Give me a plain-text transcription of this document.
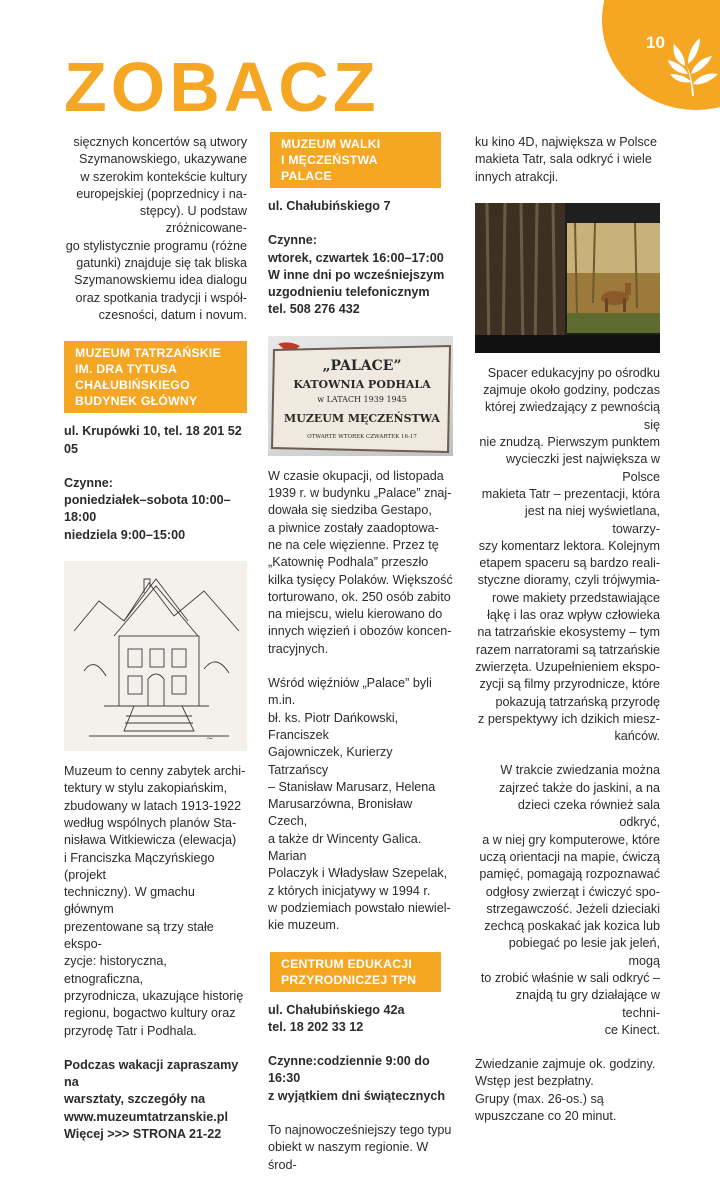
10
ZOBACZ

sięcznych koncertów są utwory
Szymanowskiego, ukazywane
w szerokim kontekście kultury
europejskiej (poprzednicy i na-
stępcy). U podstaw zróżnicowane-
go stylistycznie programu (różne
gatunki) znajduje się tak bliska
Szymanowskiemu idea dialogu
oraz spotkania tradycji i współ-
czesności, datum i novum.

MUZEUM TATRZAŃSKIE
IM. DRA TYTUSA
CHAŁUBIŃSKIEGO
BUDYNEK GŁÓWNY

ul. Krupówki 10, tel. 18 201 52 05

Czynne:
poniedziałek–sobota 10:00–18:00
niedziela 9:00–15:00

~

Muzeum to cenny zabytek archi-
tektury w stylu zakopiańskim,
zbudowany w latach 1913-1922
według wspólnych planów Sta-
nisława Witkiewicza (elewacja)
i Franciszka Mączyńskiego (projekt
techniczny). W gmachu głównym
prezentowane są trzy stałe ekspo-
zycje: historyczna, etnograficzna,
przyrodnicza, ukazujące historię
regionu, bogactwo kultury oraz
przyrodę Tatr i Podhala.

Podczas wakacji zapraszamy na
warsztaty, szczegóły na
www.muzeumtatrzanskie.pl
Więcej >>> STRONA 21-22

MUZEUM WALKI
I MĘCZEŃSTWA PALACE

ul. Chałubińskiego 7

Czynne:
wtorek, czwartek 16:00–17:00
W inne dni po wcześniejszym
uzgodnieniu telefonicznym
tel. 508 276 432

„PALACE”
KATOWNIA PODHALA
w LATACH 1939 1945
MUZEUM MĘCZEŃSTWA
OTWARTE WTOREK CZWARTEK 16-17

W czasie okupacji, od listopada
1939 r. w budynku „Palace” znaj-
dowała się siedziba Gestapo,
a piwnice zostały zaadoptowa-
ne na cele więzienne. Przez tę
„Katownię Podhala” przeszło
kilka tysięcy Polaków. Większość
torturowano, ok. 250 osób zabito
na miejscu, wielu kierowano do
innych więzień i obozów koncen-
tracyjnych.

Wśród więźniów „Palace” byli m.in.
bł. ks. Piotr Dańkowski, Franciszek
Gajowniczek, Kurierzy Tatrzańscy
– Stanisław Marusarz, Helena
Marusarzówna, Bronisław Czech,
a także dr Wincenty Galica. Marian
Polaczyk i Władysław Szepelak,
z których inicjatywy w 1994 r.
w podziemiach powstało niewiel-
kie muzeum.

CENTRUM EDUKACJI
PRZYRODNICZEJ TPN

ul. Chałubińskiego 42a
tel. 18 202 33 12

Czynne:codziennie 9:00 do 16:30
z wyjątkiem dni świątecznych

To najnowocześniejszy tego typu
obiekt w naszym regionie. W środ-

ku kino 4D, największa w Polsce
makieta Tatr, sala odkryć i wiele
innych atrakcji.

Spacer edukacyjny po ośrodku
zajmuje około godziny, podczas
której zwiedzający z pewnością się
nie znudzą. Pierwszym punktem
wycieczki jest największa w Polsce
makieta Tatr – prezentacji, która
jest na niej wyświetlana, towarzy-
szy komentarz lektora. Kolejnym
etapem spaceru są bardzo reali-
styczne dioramy, czyli trójwymia-
rowe makiety przedstawiające
łąkę i las oraz wpływ człowieka
na tatrzańskie ekosystemy – tym
razem narratorami są tatrzańskie
zwierzęta. Uzupełnieniem ekspo-
zycji są filmy przyrodnicze, które
pokazują tatrzańską przyrodę
z perspektywy ich dzikich miesz-
kańców.

W trakcie zwiedzania można
zajrzeć także do jaskini, a na
dzieci czeka również sala odkryć,
a w niej gry komputerowe, które
uczą orientacji na mapie, ćwiczą
pamięć, pomagają rozpoznawać
odgłosy zwierząt i ćwiczyć spo-
strzegawczość. Jeżeli dzieciaki
zechcą poskakać jak kozica lub
pobiegać po lesie jak jeleń, mogą
to zrobić właśnie w sali odkryć –
znajdą tu gry działające w techni-
ce Kinect.

Zwiedzanie zajmuje ok. godziny.
Wstęp jest bezpłatny.
Grupy (max. 26-os.) są
wpuszczane co 20 minut.
